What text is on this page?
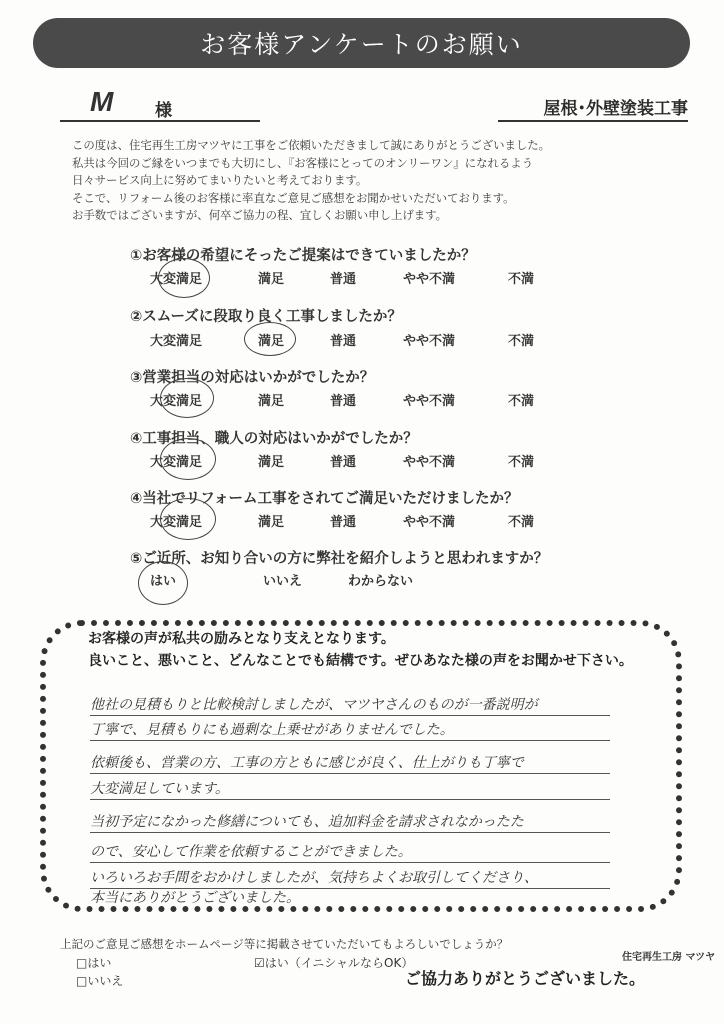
お客様アンケートのお願い
M 様	屋根･外壁塗装工事
この度は、住宅再生工房マツヤに工事をご依頼いただきまして誠にありがとうございました。
私共は今回のご縁をいつまでも大切にし、『お客様にとってのオンリーワン』になれるよう
日々サービス向上に努めてまいりたいと考えております。
そこで、リフォーム後のお客様に率直なご意見ご感想をお聞かせいただいております。
お手数ではございますが、何卒ご協力の程、宜しくお願い申し上げます。
①お客様の希望にそったご提案はできていましたか？
大変満足	満足	普通	やや不満	不満
②スムーズに段取り良く工事しましたか？
大変満足	満足	普通	やや不満	不満
③営業担当の対応はいかがでしたか？
大変満足	満足	普通	やや不満	不満
④工事担当、職人の対応はいかがでしたか？
大変満足	満足	普通	やや不満	不満
④当社でリフォーム工事をされてご満足いただけましたか？
大変満足	満足	普通	やや不満	不満
⑤ご近所、お知り合いの方に弊社を紹介しようと思われますか？
はい	いいえ	わからない
お客様の声が私共の励みとなり支えとなります。
良いこと、悪いこと、どんなことでも結構です。ぜひあなた様の声をお聞かせ下さい。
他社の見積もりと比較検討しましたが、マツヤさんのものが一番説明が
丁寧で、見積もりにも過剰な上乗せがありませんでした。
依頼後も、営業の方、工事の方ともに感じが良く、仕上がりも丁寧で
大変満足しています。
当初予定になかった修繕についても、追加料金を請求されなかったた
ので、安心して作業を依頼することができました。
いろいろお手間をおかけしましたが、気持ちよくお取引してくださり、
本当にありがとうございました。
上記のご意見ご感想をホームページ等に掲載させていただいてもよろしいでしょうか？
□はい
□いいえ
☑はい（イニシャルならOK）	住宅再生工房 マツヤ
ご協力ありがとうございました。
